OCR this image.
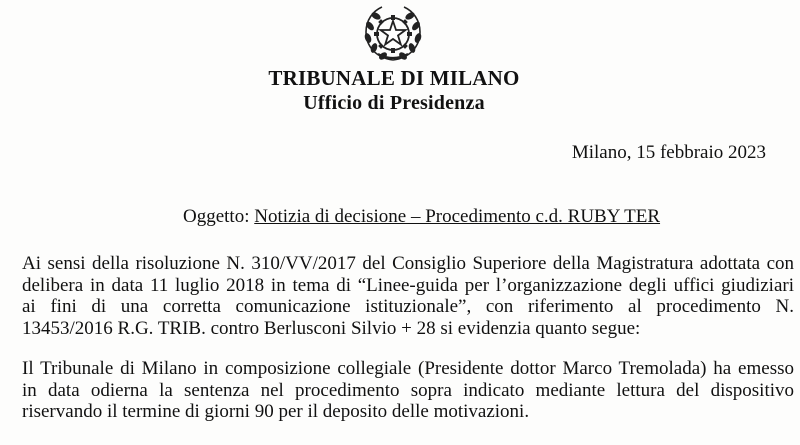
TRIBUNALE DI MILANO
Ufficio di Presidenza
Milano, 15 febbraio 2023
Oggetto: Notizia di decisione – Procedimento c.d. RUBY TER
Ai sensi della risoluzione N. 310/VV/2017 del Consiglio Superiore della Magistratura adottata con
delibera in data 11 luglio 2018 in tema di “Linee-guida per l’organizzazione degli uffici giudiziari
ai fini di una corretta comunicazione istituzionale”, con riferimento al procedimento N.
13453/2016 R.G. TRIB. contro Berlusconi Silvio + 28 si evidenzia quanto segue:
Il Tribunale di Milano in composizione collegiale (Presidente dottor Marco Tremolada) ha emesso
in data odierna la sentenza nel procedimento sopra indicato mediante lettura del dispositivo
riservando il termine di giorni 90 per il deposito delle motivazioni.
